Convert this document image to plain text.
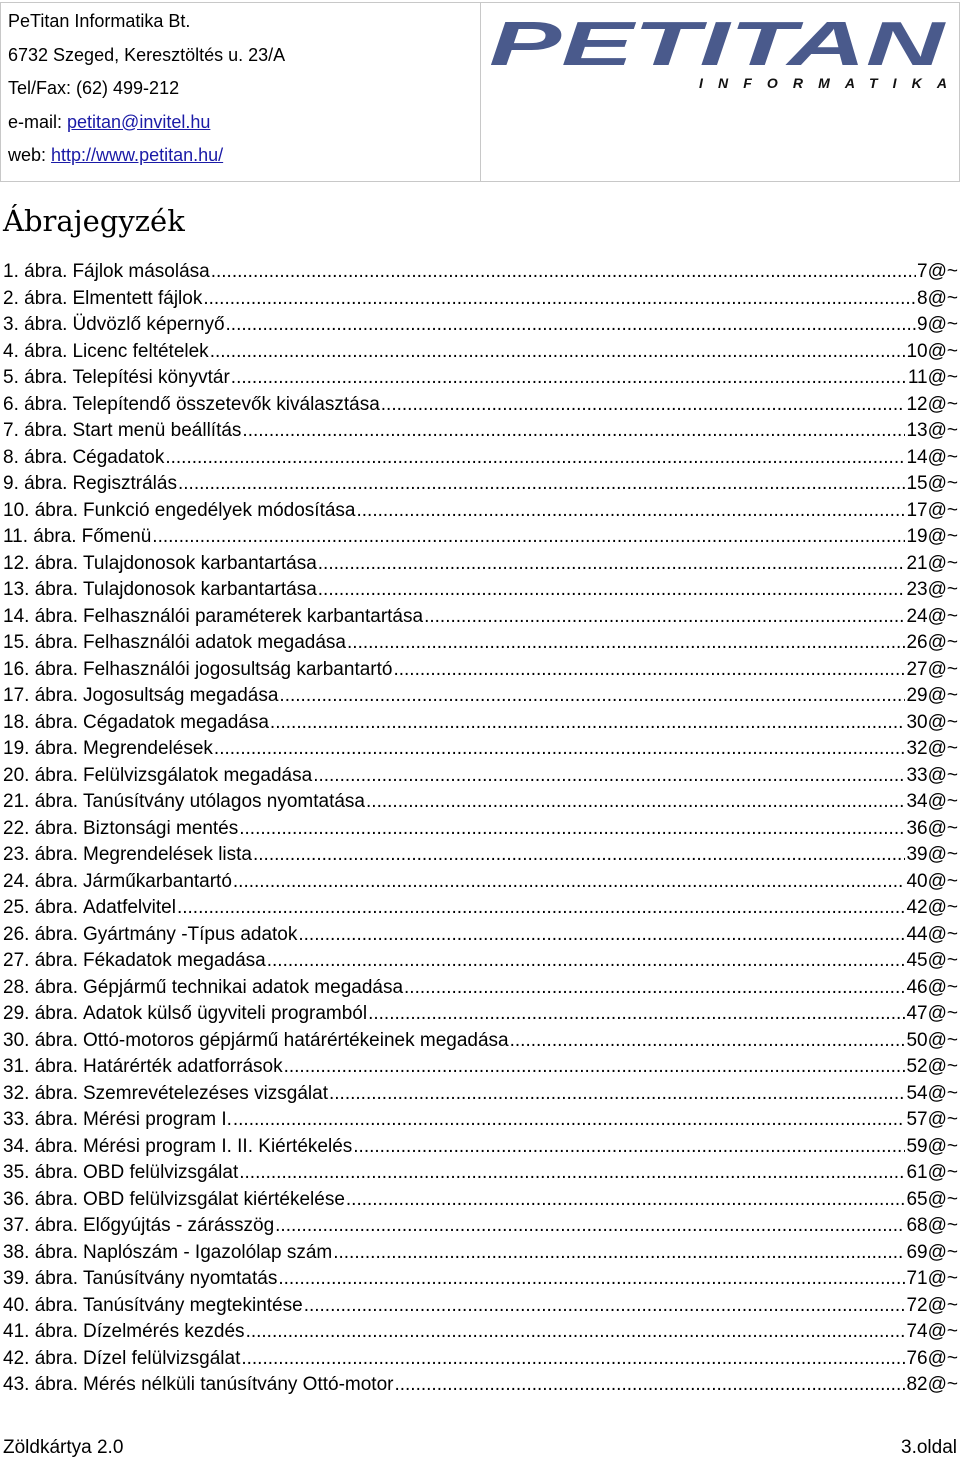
PeTitan Informatika Bt.
6732 Szeged, Keresztöltés u. 23/A
Tel/Fax: (62) 499-212
e-mail: petitan@invitel.hu
web: http://www.petitan.hu/
PETITAN
INFORMATIKA
Ábrajegyzék
1. ábra. Fájlok másolása .....	7@~
2. ábra. Elmentett fájlok .....	8@~
3. ábra. Üdvözlő képernyő .....	9@~
4. ábra. Licenc feltételek .....	10@~
5. ábra. Telepítési könyvtár .....	11@~
6. ábra. Telepítendő összetevők kiválasztása .....	12@~
7. ábra. Start menü beállítás .....	13@~
8. ábra. Cégadatok .....	14@~
9. ábra. Regisztrálás .....	15@~
10. ábra. Funkció engedélyek módosítása .....	17@~
11. ábra. Főmenü .....	19@~
12. ábra. Tulajdonosok karbantartása .....	21@~
13. ábra. Tulajdonosok karbantartása .....	23@~
14. ábra. Felhasználói paraméterek karbantartása .....	24@~
15. ábra. Felhasználói adatok megadása .....	26@~
16. ábra. Felhasználói jogosultság karbantartó .....	27@~
17. ábra. Jogosultság megadása .....	29@~
18. ábra. Cégadatok megadása .....	30@~
19. ábra. Megrendelések .....	32@~
20. ábra. Felülvizsgálatok megadása .....	33@~
21. ábra. Tanúsítvány utólagos nyomtatása .....	34@~
22. ábra. Biztonsági mentés .....	36@~
23. ábra. Megrendelések lista .....	39@~
24. ábra. Járműkarbantartó .....	40@~
25. ábra. Adatfelvitel .....	42@~
26. ábra. Gyártmány -Típus adatok .....	44@~
27. ábra. Fékadatok megadása .....	45@~
28. ábra. Gépjármű technikai adatok megadása .....	46@~
29. ábra. Adatok külső ügyviteli programból .....	47@~
30. ábra. Ottó-motoros gépjármű határértékeinek megadása .....	50@~
31. ábra. Határérték adatforrások .....	52@~
32. ábra. Szemrevételezéses vizsgálat .....	54@~
33. ábra. Mérési program I. .....	57@~
34. ábra. Mérési program I. II. Kiértékelés .....	59@~
35. ábra. OBD felülvizsgálat .....	61@~
36. ábra. OBD felülvizsgálat kiértékelése .....	65@~
37. ábra. Előgyújtás - zárásszög .....	68@~
38. ábra. Naplószám - Igazolólap szám .....	69@~
39. ábra. Tanúsítvány nyomtatás .....	71@~
40. ábra. Tanúsítvány megtekintése .....	72@~
41. ábra. Dízelmérés kezdés .....	74@~
42. ábra. Dízel felülvizsgálat .....	76@~
43. ábra. Mérés nélküli tanúsítvány Ottó-motor .....	82@~
Zöldkártya 2.0	3.oldal
